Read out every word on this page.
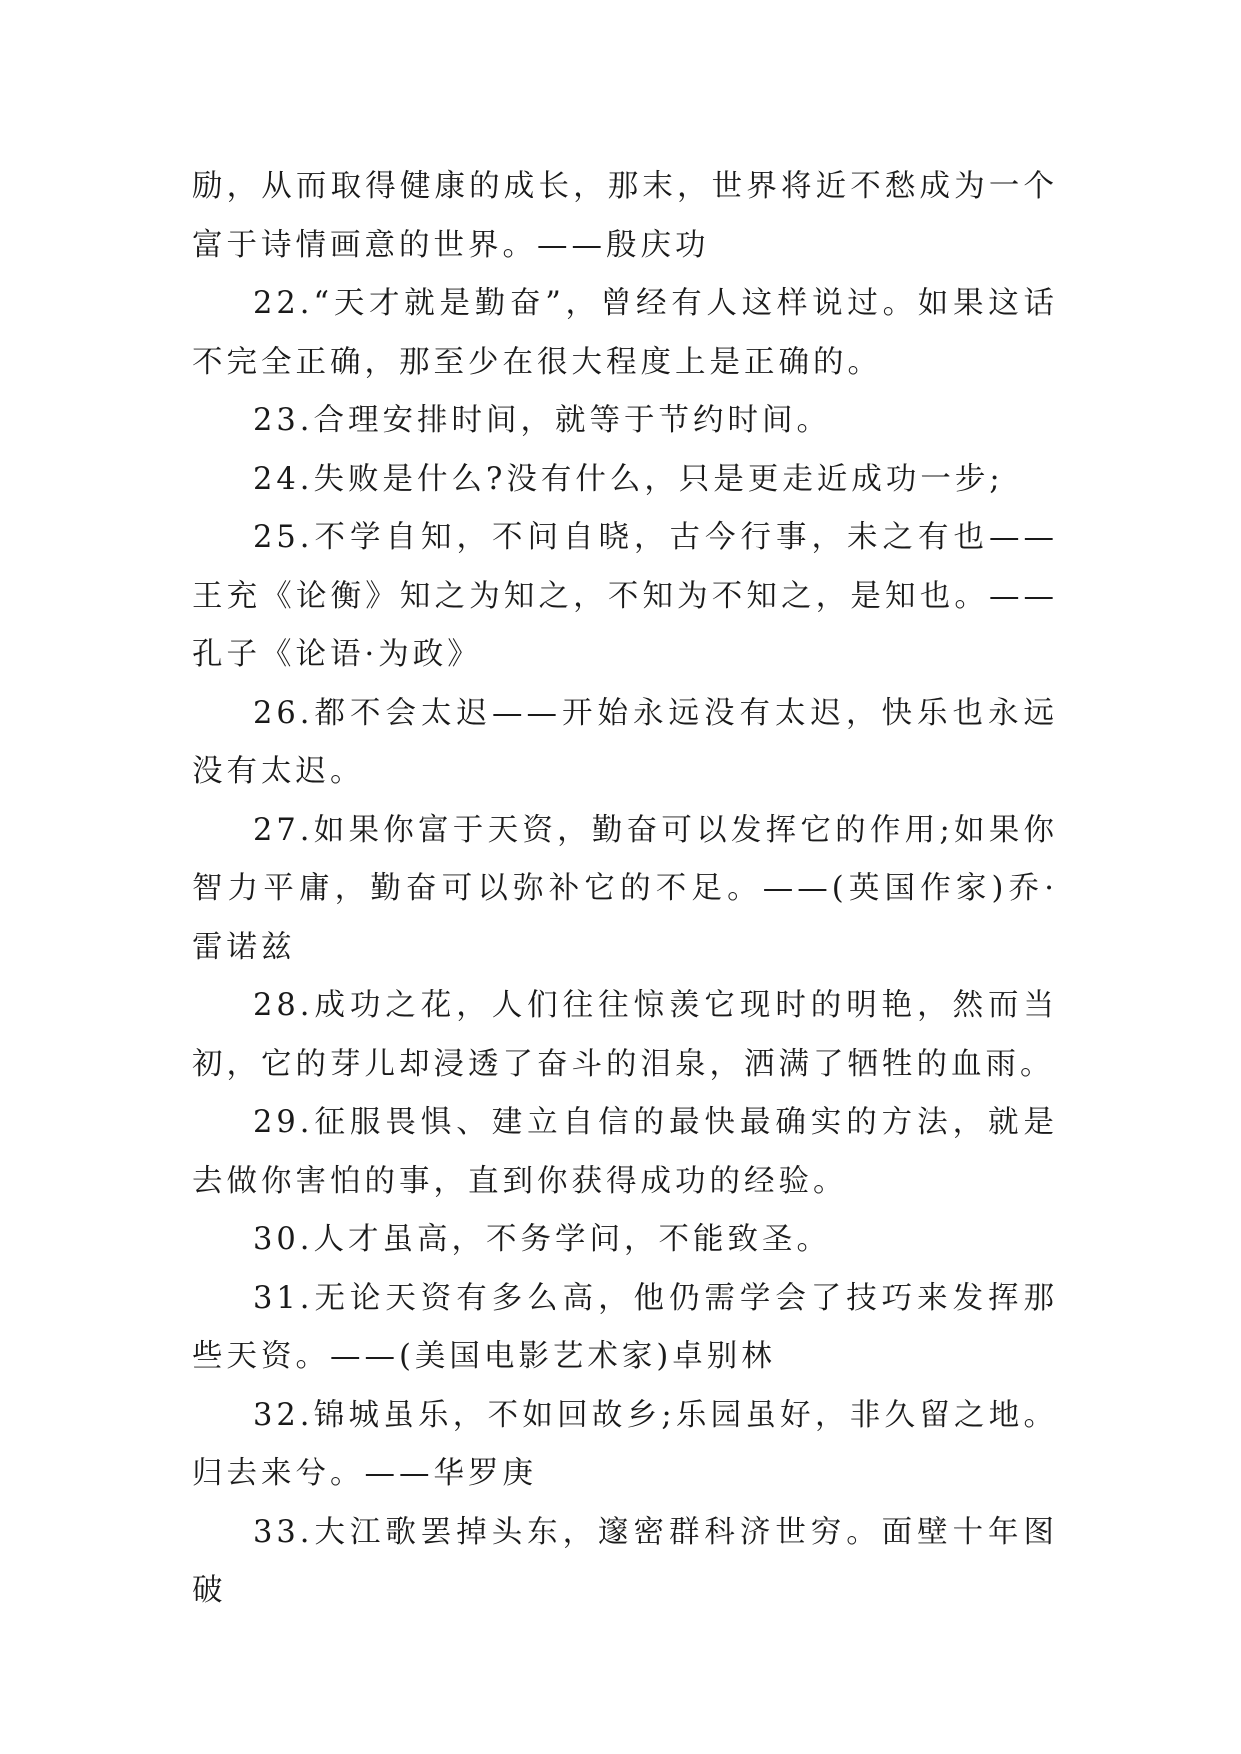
励，从而取得健康的成长，那末，世界将近不愁成为一个富于诗情画意的世界。——殷庆功

22.“天才就是勤奋”，曾经有人这样说过。如果这话不完全正确，那至少在很大程度上是正确的。

23.合理安排时间，就等于节约时间。

24.失败是什么?没有什么，只是更走近成功一步;

25.不学自知，不问自晓，古今行事，未之有也——王充《论衡》知之为知之，不知为不知之，是知也。——孔子《论语·为政》

26.都不会太迟——开始永远没有太迟，快乐也永远没有太迟。

27.如果你富于天资，勤奋可以发挥它的作用;如果你智力平庸，勤奋可以弥补它的不足。——(英国作家)乔·雷诺兹

28.成功之花，人们往往惊羡它现时的明艳，然而当初，它的芽儿却浸透了奋斗的泪泉，洒满了牺牲的血雨。

29.征服畏惧、建立自信的最快最确实的方法，就是去做你害怕的事，直到你获得成功的经验。

30.人才虽高，不务学问，不能致圣。

31.无论天资有多么高，他仍需学会了技巧来发挥那些天资。——(美国电影艺术家)卓别林

32.锦城虽乐，不如回故乡;乐园虽好，非久留之地。归去来兮。——华罗庚

33.大江歌罢掉头东，邃密群科济世穷。面壁十年图破
